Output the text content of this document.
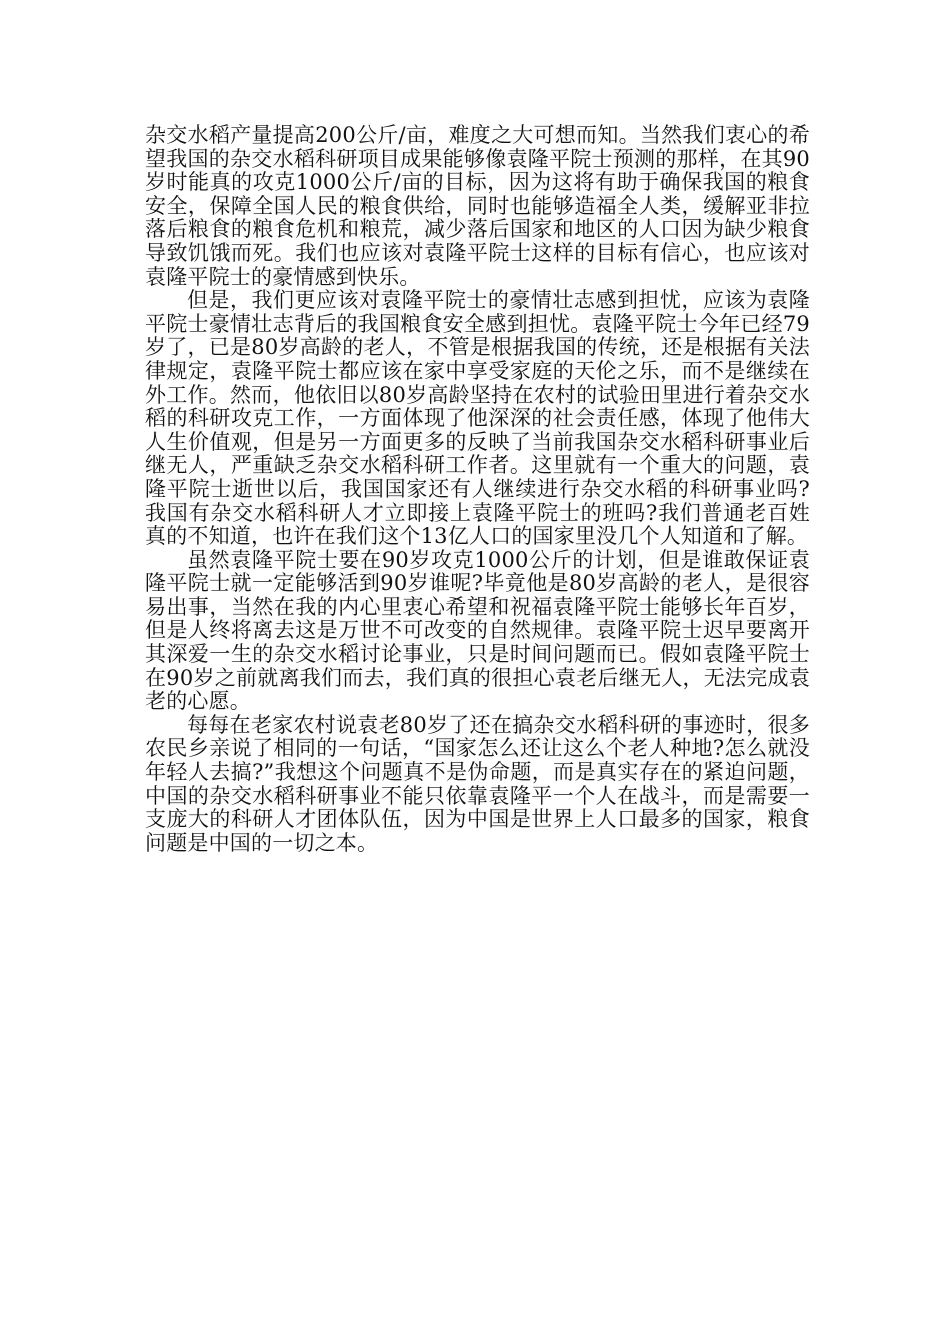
杂交水稻产量提高200公斤/亩，难度之大可想而知。当然我们衷心的希望我国的杂交水稻科研项目成果能够像袁隆平院士预测的那样，在其90岁时能真的攻克1000公斤/亩的目标，因为这将有助于确保我国的粮食安全，保障全国人民的粮食供给，同时也能够造福全人类，缓解亚非拉落后粮食的粮食危机和粮荒，减少落后国家和地区的人口因为缺少粮食导致饥饿而死。我们也应该对袁隆平院士这样的目标有信心，也应该对袁隆平院士的豪情感到快乐。

但是，我们更应该对袁隆平院士的豪情壮志感到担忧，应该为袁隆平院士豪情壮志背后的我国粮食安全感到担忧。袁隆平院士今年已经79岁了，已是80岁高龄的老人，不管是根据我国的传统，还是根据有关法律规定，袁隆平院士都应该在家中享受家庭的天伦之乐，而不是继续在外工作。然而，他依旧以80岁高龄坚持在农村的试验田里进行着杂交水稻的科研攻克工作，一方面体现了他深深的社会责任感，体现了他伟大人生价值观，但是另一方面更多的反映了当前我国杂交水稻科研事业后继无人，严重缺乏杂交水稻科研工作者。这里就有一个重大的问题，袁隆平院士逝世以后，我国国家还有人继续进行杂交水稻的科研事业吗?我国有杂交水稻科研人才立即接上袁隆平院士的班吗?我们普通老百姓真的不知道，也许在我们这个13亿人口的国家里没几个人知道和了解。

虽然袁隆平院士要在90岁攻克1000公斤的计划，但是谁敢保证袁隆平院士就一定能够活到90岁谁呢?毕竟他是80岁高龄的老人，是很容易出事，当然在我的内心里衷心希望和祝福袁隆平院士能够长年百岁，但是人终将离去这是万世不可改变的自然规律。袁隆平院士迟早要离开其深爱一生的杂交水稻讨论事业，只是时间问题而已。假如袁隆平院士在90岁之前就离我们而去，我们真的很担心袁老后继无人，无法完成袁老的心愿。

每每在老家农村说袁老80岁了还在搞杂交水稻科研的事迹时，很多农民乡亲说了相同的一句话，“国家怎么还让这么个老人种地?怎么就没年轻人去搞?”我想这个问题真不是伪命题，而是真实存在的紧迫问题，中国的杂交水稻科研事业不能只依靠袁隆平一个人在战斗，而是需要一支庞大的科研人才团体队伍，因为中国是世界上人口最多的国家，粮食问题是中国的一切之本。
